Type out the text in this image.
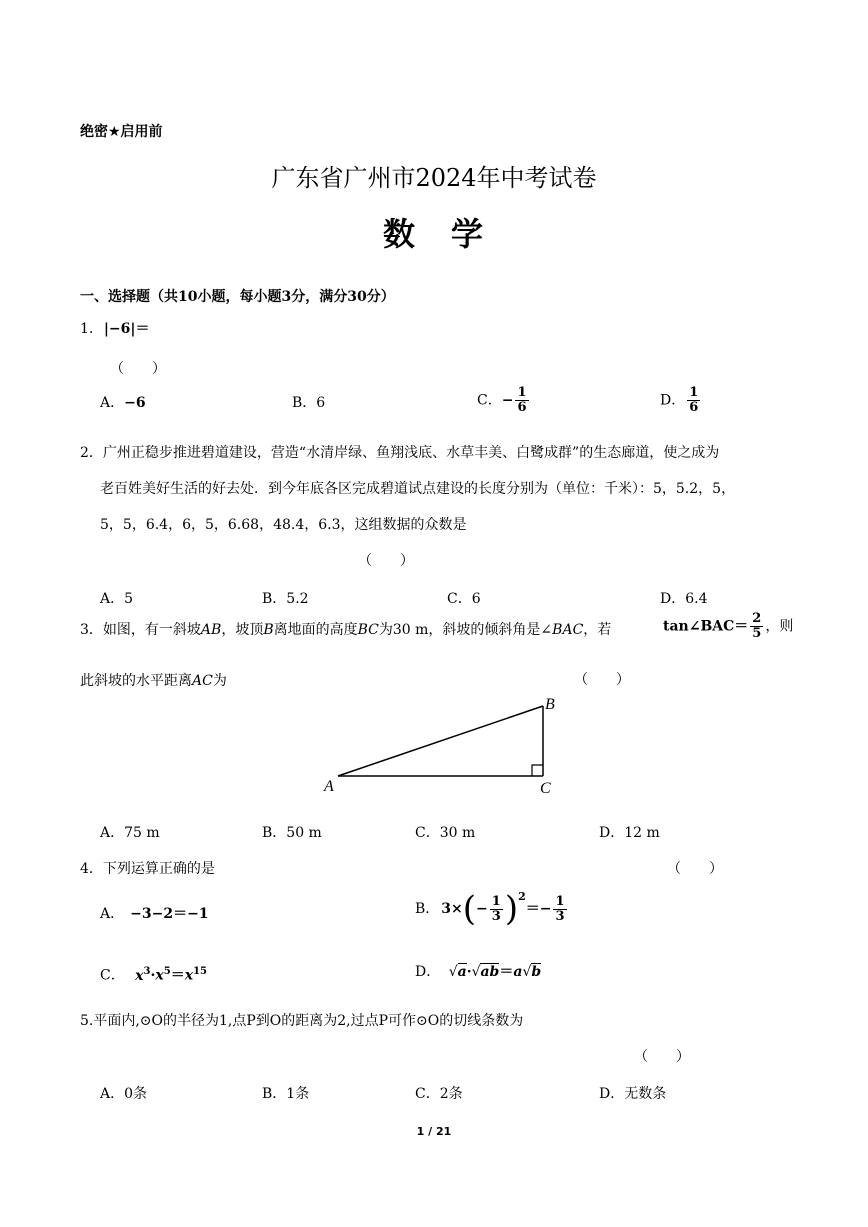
绝密★启用前
广东省广州市2024年中考试卷
数　学
一、选择题（共10小题，每小题3分，满分30分）
1. |−6|＝
（　　）
A．−6	B．6	C．− $\frac{1}{6}$	D． $\frac{1}{6}$
2．广州正稳步推进碧道建设，营造“水清岸绿、鱼翔浅底、水草丰美、白鹭成群”的生态廊道，使之成为
老百姓美好生活的好去处．到今年底各区完成碧道试点建设的长度分别为（单位：千米）：5，5.2，5，
5，5，6.4，6，5，6.68，48.4，6.3，这组数据的众数是
（　　）
A．5	B．5.2	C．6	D．6.4
3．如图，有一斜坡AB，坡顶B离地面的高度BC为30 m，斜坡的倾斜角是∠BAC，若	tan∠BAC＝ $\frac{2}{5}$ ，则
此斜坡的水平距离AC为	（　　）
A
B
C
A．75 m	B．50 m	C．30 m	D．12 m
4．下列运算正确的是	（　　）
A． −3−2＝−1	B． 3× ( − $\frac{1}{3} )^2$
＝− $\frac{1}{3}$
C． $x^3\cdot x^5=x^{15}$	D． √a·√ab＝a√b
5.平面内,⊙O的半径为1,点P到O的距离为2,过点P可作⊙O的切线条数为
（　　）
A．0条	B．1条	C．2条	D．无数条
1 / 21
